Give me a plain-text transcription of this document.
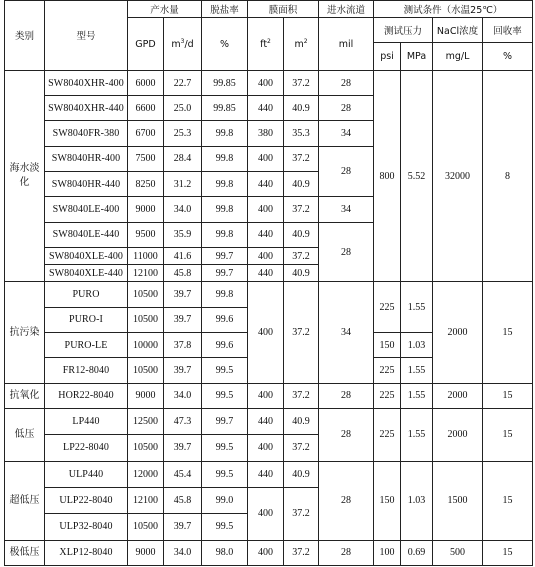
类别	型号	产水量		脱盐率	膜面积		进水流道	测试条件（水温25℃）			
		GPD	$m^3/d$	%	$ft^2$	$m^2$	mil	测试压力		NaCl浓度	回收率
								psi	MPa	mg/L	%
海水淡化	SW8040XHR-400	6000	22.7	99.85	400	37.2	28	800	5.52	32000	8
	SW8040XHR-440	6600	25.0	99.85	440	40.9	28				
	SW8040FR-380	6700	25.3	99.8	380	35.3	34				
	SW8040HR-400	7500	28.4	99.8	400	37.2	28				
	SW8040HR-440	8250	31.2	99.8	440	40.9					
	SW8040LE-400	9000	34.0	99.8	400	37.2	34				
	SW8040LE-440	9500	35.9	99.8	440	40.9	28				
	SW8040XLE-400	11000	41.6	99.7	400	37.2					
	SW8040XLE-440	12100	45.8	99.7	440	40.9					
抗污染	PURO	10500	39.7	99.8	400	37.2	34	225	1.55	2000	15
	PURO-I	10500	39.7	99.6							
	PURO-LE	10000	37.8	99.6				150	1.03		
	FR12-8040	10500	39.7	99.5				225	1.55		
抗氧化	HOR22-8040	9000	34.0	99.5	400	37.2	28	225	1.55	2000	15
低压	LP440	12500	47.3	99.7	440	40.9	28	225	1.55	2000	15
	LP22-8040	10500	39.7	99.5	400	37.2					
超低压	ULP440	12000	45.4	99.5	440	40.9	28	150	1.03	1500	15
	ULP22-8040	12100	45.8	99.0	400	37.2					
	ULP32-8040	10500	39.7	99.5							
极低压	XLP12-8040	9000	34.0	98.0	400	37.2	28	100	0.69	500	15
